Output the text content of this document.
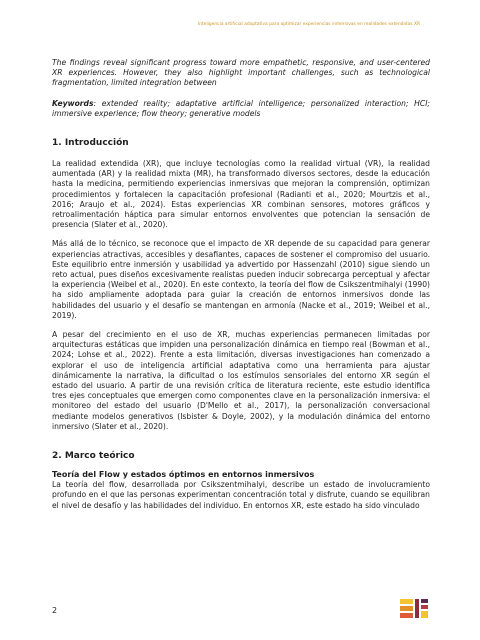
Inteligencia artificial adaptativa para optimizar experiencias inmersivas en realidades extendidas XR

The findings reveal significant progress toward more empathetic, responsive, and user-centered XR experiences. However, they also highlight important challenges, such as technological fragmentation, limited integration between

Keywords: extended reality; adaptative artificial intelligence; personalized interaction; HCI; immersive experience; flow theory; generative models

1. Introducción

La realidad extendida (XR), que incluye tecnologías como la realidad virtual (VR), la realidad aumentada (AR) y la realidad mixta (MR), ha transformado diversos sectores, desde la educación hasta la medicina, permitiendo experiencias inmersivas que mejoran la comprensión, optimizan procedimientos y fortalecen la capacitación profesional (Radianti et al., 2020; Mourtzis et al., 2016; Araujo et al., 2024). Estas experiencias XR combinan sensores, motores gráficos y retroalimentación háptica para simular entornos envolventes que potencian la sensación de presencia (Slater et al., 2020).

Más allá de lo técnico, se reconoce que el impacto de XR depende de su capacidad para generar experiencias atractivas, accesibles y desafiantes, capaces de sostener el compromiso del usuario. Este equilibrio entre inmersión y usabilidad ya advertido por Hassenzahl (2010) sigue siendo un reto actual, pues diseños excesivamente realistas pueden inducir sobrecarga perceptual y afectar la experiencia (Weibel et al., 2020). En este contexto, la teoría del flow de Csikszentmihalyi (1990) ha sido ampliamente adoptada para guiar la creación de entornos inmersivos donde las habilidades del usuario y el desafío se mantengan en armonía (Nacke et al., 2019; Weibel et al., 2019).

A pesar del crecimiento en el uso de XR, muchas experiencias permanecen limitadas por arquitecturas estáticas que impiden una personalización dinámica en tiempo real (Bowman et al., 2024; Lohse et al., 2022). Frente a esta limitación, diversas investigaciones han comenzado a explorar el uso de inteligencia artificial adaptativa como una herramienta para ajustar dinámicamente la narrativa, la dificultad o los estímulos sensoriales del entorno XR según el estado del usuario. A partir de una revisión crítica de literatura reciente, este estudio identifica tres ejes conceptuales que emergen como componentes clave en la personalización inmersiva: el monitoreo del estado del usuario (D'Mello et al., 2017), la personalización conversacional mediante modelos generativos (Isbister & Doyle, 2002), y la modulación dinámica del entorno inmersivo (Slater et al., 2020).

2. Marco teórico
Teoría del Flow y estados óptimos en entornos inmersivos

La teoría del flow, desarrollada por Csikszentmihalyi, describe un estado de involucramiento profundo en el que las personas experimentan concentración total y disfrute, cuando se equilibran el nivel de desafío y las habilidades del individuo. En entornos XR, este estado ha sido vinculado

2
